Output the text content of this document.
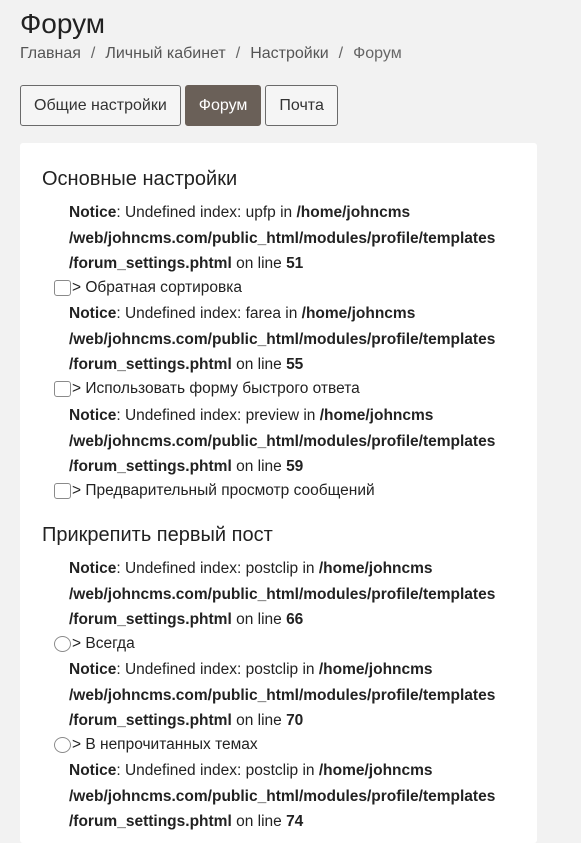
Форум
Главная / Личный кабинет / Настройки / Форум
Общие настройки	Форум	Почта
Основные настройки
Notice: Undefined index: upfp in /home/johncms
/web/johncms.com/public_html/modules/profile/templates
/forum_settings.phtml on line 51
> Обратная сортировка
Notice: Undefined index: farea in /home/johncms
/web/johncms.com/public_html/modules/profile/templates
/forum_settings.phtml on line 55
> Использовать форму быстрого ответа
Notice: Undefined index: preview in /home/johncms
/web/johncms.com/public_html/modules/profile/templates
/forum_settings.phtml on line 59
> Предварительный просмотр сообщений
Прикрепить первый пост
Notice: Undefined index: postclip in /home/johncms
/web/johncms.com/public_html/modules/profile/templates
/forum_settings.phtml on line 66
> Всегда
Notice: Undefined index: postclip in /home/johncms
/web/johncms.com/public_html/modules/profile/templates
/forum_settings.phtml on line 70
> В непрочитанных темах
Notice: Undefined index: postclip in /home/johncms
/web/johncms.com/public_html/modules/profile/templates
/forum_settings.phtml on line 74
